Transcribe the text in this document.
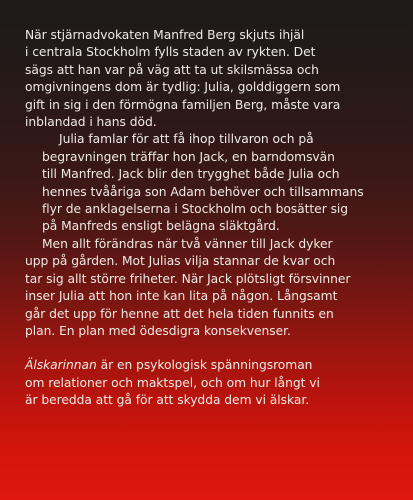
När stjärnadvokaten Manfred Berg skjuts ihjäl
i centrala Stockholm fylls staden av rykten. Det
sägs att han var på väg att ta ut skilsmässa och
omgivningens dom är tydlig: Julia, golddiggern som
gift in sig i den förmögna familjen Berg, måste vara
inblandad i hans död.

Julia famlar för att få ihop tillvaron och på
begravningen träffar hon Jack, en barndomsvän
till Manfred. Jack blir den trygghet både Julia och
hennes tvååriga son Adam behöver och tillsammans
flyr de anklagelserna i Stockholm och bosätter sig
på Manfreds ensligt belägna släktgård.

Men allt förändras när två vänner till Jack dyker
upp på gården. Mot Julias vilja stannar de kvar och
tar sig allt större friheter. När Jack plötsligt försvinner
inser Julia att hon inte kan lita på någon. Långsamt
går det upp för henne att det hela tiden funnits en
plan. En plan med ödesdigra konsekvenser.

Älskarinnan är en psykologisk spänningsroman
om relationer och maktspel, och om hur långt vi
är beredda att gå för att skydda dem vi älskar.
